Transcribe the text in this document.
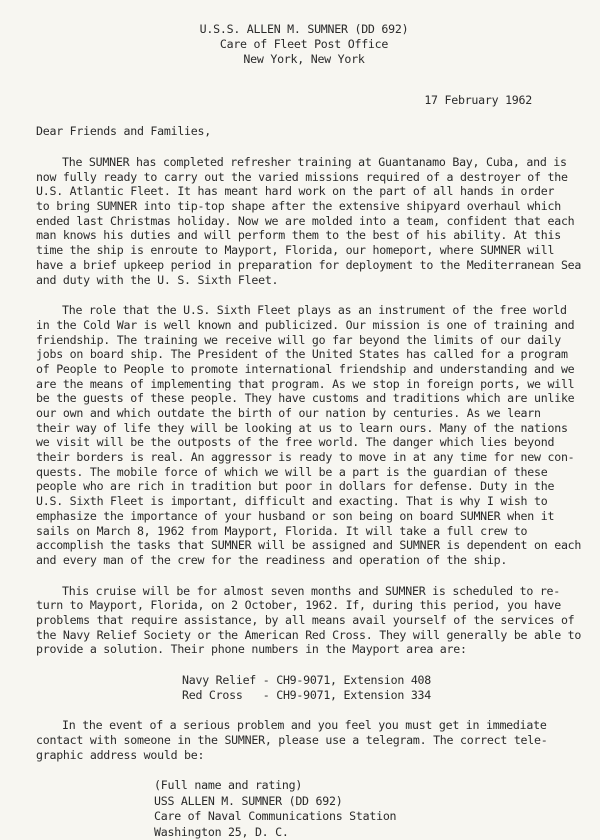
U.S.S. ALLEN M. SUMNER (DD 692)
Care of Fleet Post Office
New York, New York
17 February 1962
Dear Friends and Families,
The SUMNER has completed refresher training at Guantanamo Bay, Cuba, and is
now fully ready to carry out the varied missions required of a destroyer of the
U.S. Atlantic Fleet. It has meant hard work on the part of all hands in order
to bring SUMNER into tip-top shape after the extensive shipyard overhaul which
ended last Christmas holiday. Now we are molded into a team, confident that each
man knows his duties and will perform them to the best of his ability. At this
time the ship is enroute to Mayport, Florida, our homeport, where SUMNER will
have a brief upkeep period in preparation for deployment to the Mediterranean Sea
and duty with the U. S. Sixth Fleet.
The role that the U.S. Sixth Fleet plays as an instrument of the free world
in the Cold War is well known and publicized. Our mission is one of training and
friendship. The training we receive will go far beyond the limits of our daily
jobs on board ship. The President of the United States has called for a program
of People to People to promote international friendship and understanding and we
are the means of implementing that program. As we stop in foreign ports, we will
be the guests of these people. They have customs and traditions which are unlike
our own and which outdate the birth of our nation by centuries. As we learn
their way of life they will be looking at us to learn ours. Many of the nations
we visit will be the outposts of the free world. The danger which lies beyond
their borders is real. An aggressor is ready to move in at any time for new con-
quests. The mobile force of which we will be a part is the guardian of these
people who are rich in tradition but poor in dollars for defense. Duty in the
U.S. Sixth Fleet is important, difficult and exacting. That is why I wish to
emphasize the importance of your husband or son being on board SUMNER when it
sails on March 8, 1962 from Mayport, Florida. It will take a full crew to
accomplish the tasks that SUMNER will be assigned and SUMNER is dependent on each
and every man of the crew for the readiness and operation of the ship.
This cruise will be for almost seven months and SUMNER is scheduled to re-
turn to Mayport, Florida, on 2 October, 1962. If, during this period, you have
problems that require assistance, by all means avail yourself of the services of
the Navy Relief Society or the American Red Cross. They will generally be able to
provide a solution. Their phone numbers in the Mayport area are:
Navy Relief - CH9-9071, Extension 408
Red Cross   - CH9-9071, Extension 334
In the event of a serious problem and you feel you must get in immediate
contact with someone in the SUMNER, please use a telegram. The correct tele-
graphic address would be:
(Full name and rating)
USS ALLEN M. SUMNER (DD 692)
Care of Naval Communications Station
Washington 25, D. C.
